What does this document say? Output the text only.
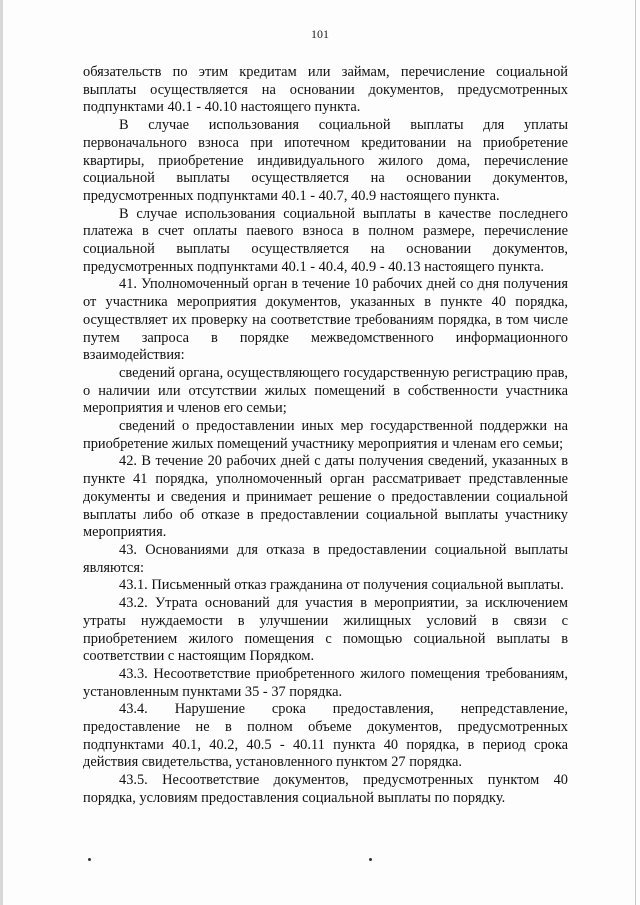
101

обязательств по этим кредитам или займам, перечисление социальной выплаты осуществляется на основании документов, предусмотренных подпунктами 40.1 - 40.10 настоящего пункта.

В случае использования социальной выплаты для уплаты первоначального взноса при ипотечном кредитовании на приобретение квартиры, приобретение индивидуального жилого дома, перечисление социальной выплаты осуществляется на основании документов, предусмотренных подпунктами 40.1 - 40.7, 40.9 настоящего пункта.

В случае использования социальной выплаты в качестве последнего платежа в счет оплаты паевого взноса в полном размере, перечисление социальной выплаты осуществляется на основании документов, предусмотренных подпунктами 40.1 - 40.4, 40.9 - 40.13 настоящего пункта.

41. Уполномоченный орган в течение 10 рабочих дней со дня получения от участника мероприятия документов, указанных в пункте 40 порядка, осуществляет их проверку на соответствие требованиям порядка, в том числе путем запроса в порядке межведомственного информационного взаимодействия:

сведений органа, осуществляющего государственную регистрацию прав, о наличии или отсутствии жилых помещений в собственности участника мероприятия и членов его семьи;

сведений о предоставлении иных мер государственной поддержки на приобретение жилых помещений участнику мероприятия и членам его семьи;

42. В течение 20 рабочих дней с даты получения сведений, указанных в пункте 41 порядка, уполномоченный орган рассматривает представленные документы и сведения и принимает решение о предоставлении социальной выплаты либо об отказе в предоставлении социальной выплаты участнику мероприятия.

43. Основаниями для отказа в предоставлении социальной выплаты являются:

43.1. Письменный отказ гражданина от получения социальной выплаты.

43.2. Утрата оснований для участия в мероприятии, за исключением утраты нуждаемости в улучшении жилищных условий в связи с приобретением жилого помещения с помощью социальной выплаты в соответствии с настоящим Порядком.

43.3. Несоответствие приобретенного жилого помещения требованиям, установленным пунктами 35 - 37 порядка.

43.4. Нарушение срока предоставления, непредставление, предоставление не в полном объеме документов, предусмотренных подпунктами 40.1, 40.2, 40.5 - 40.11 пункта 40 порядка, в период срока действия свидетельства, установленного пунктом 27 порядка.

43.5. Несоответствие документов, предусмотренных пунктом 40 порядка, условиям предоставления социальной выплаты по порядку.
